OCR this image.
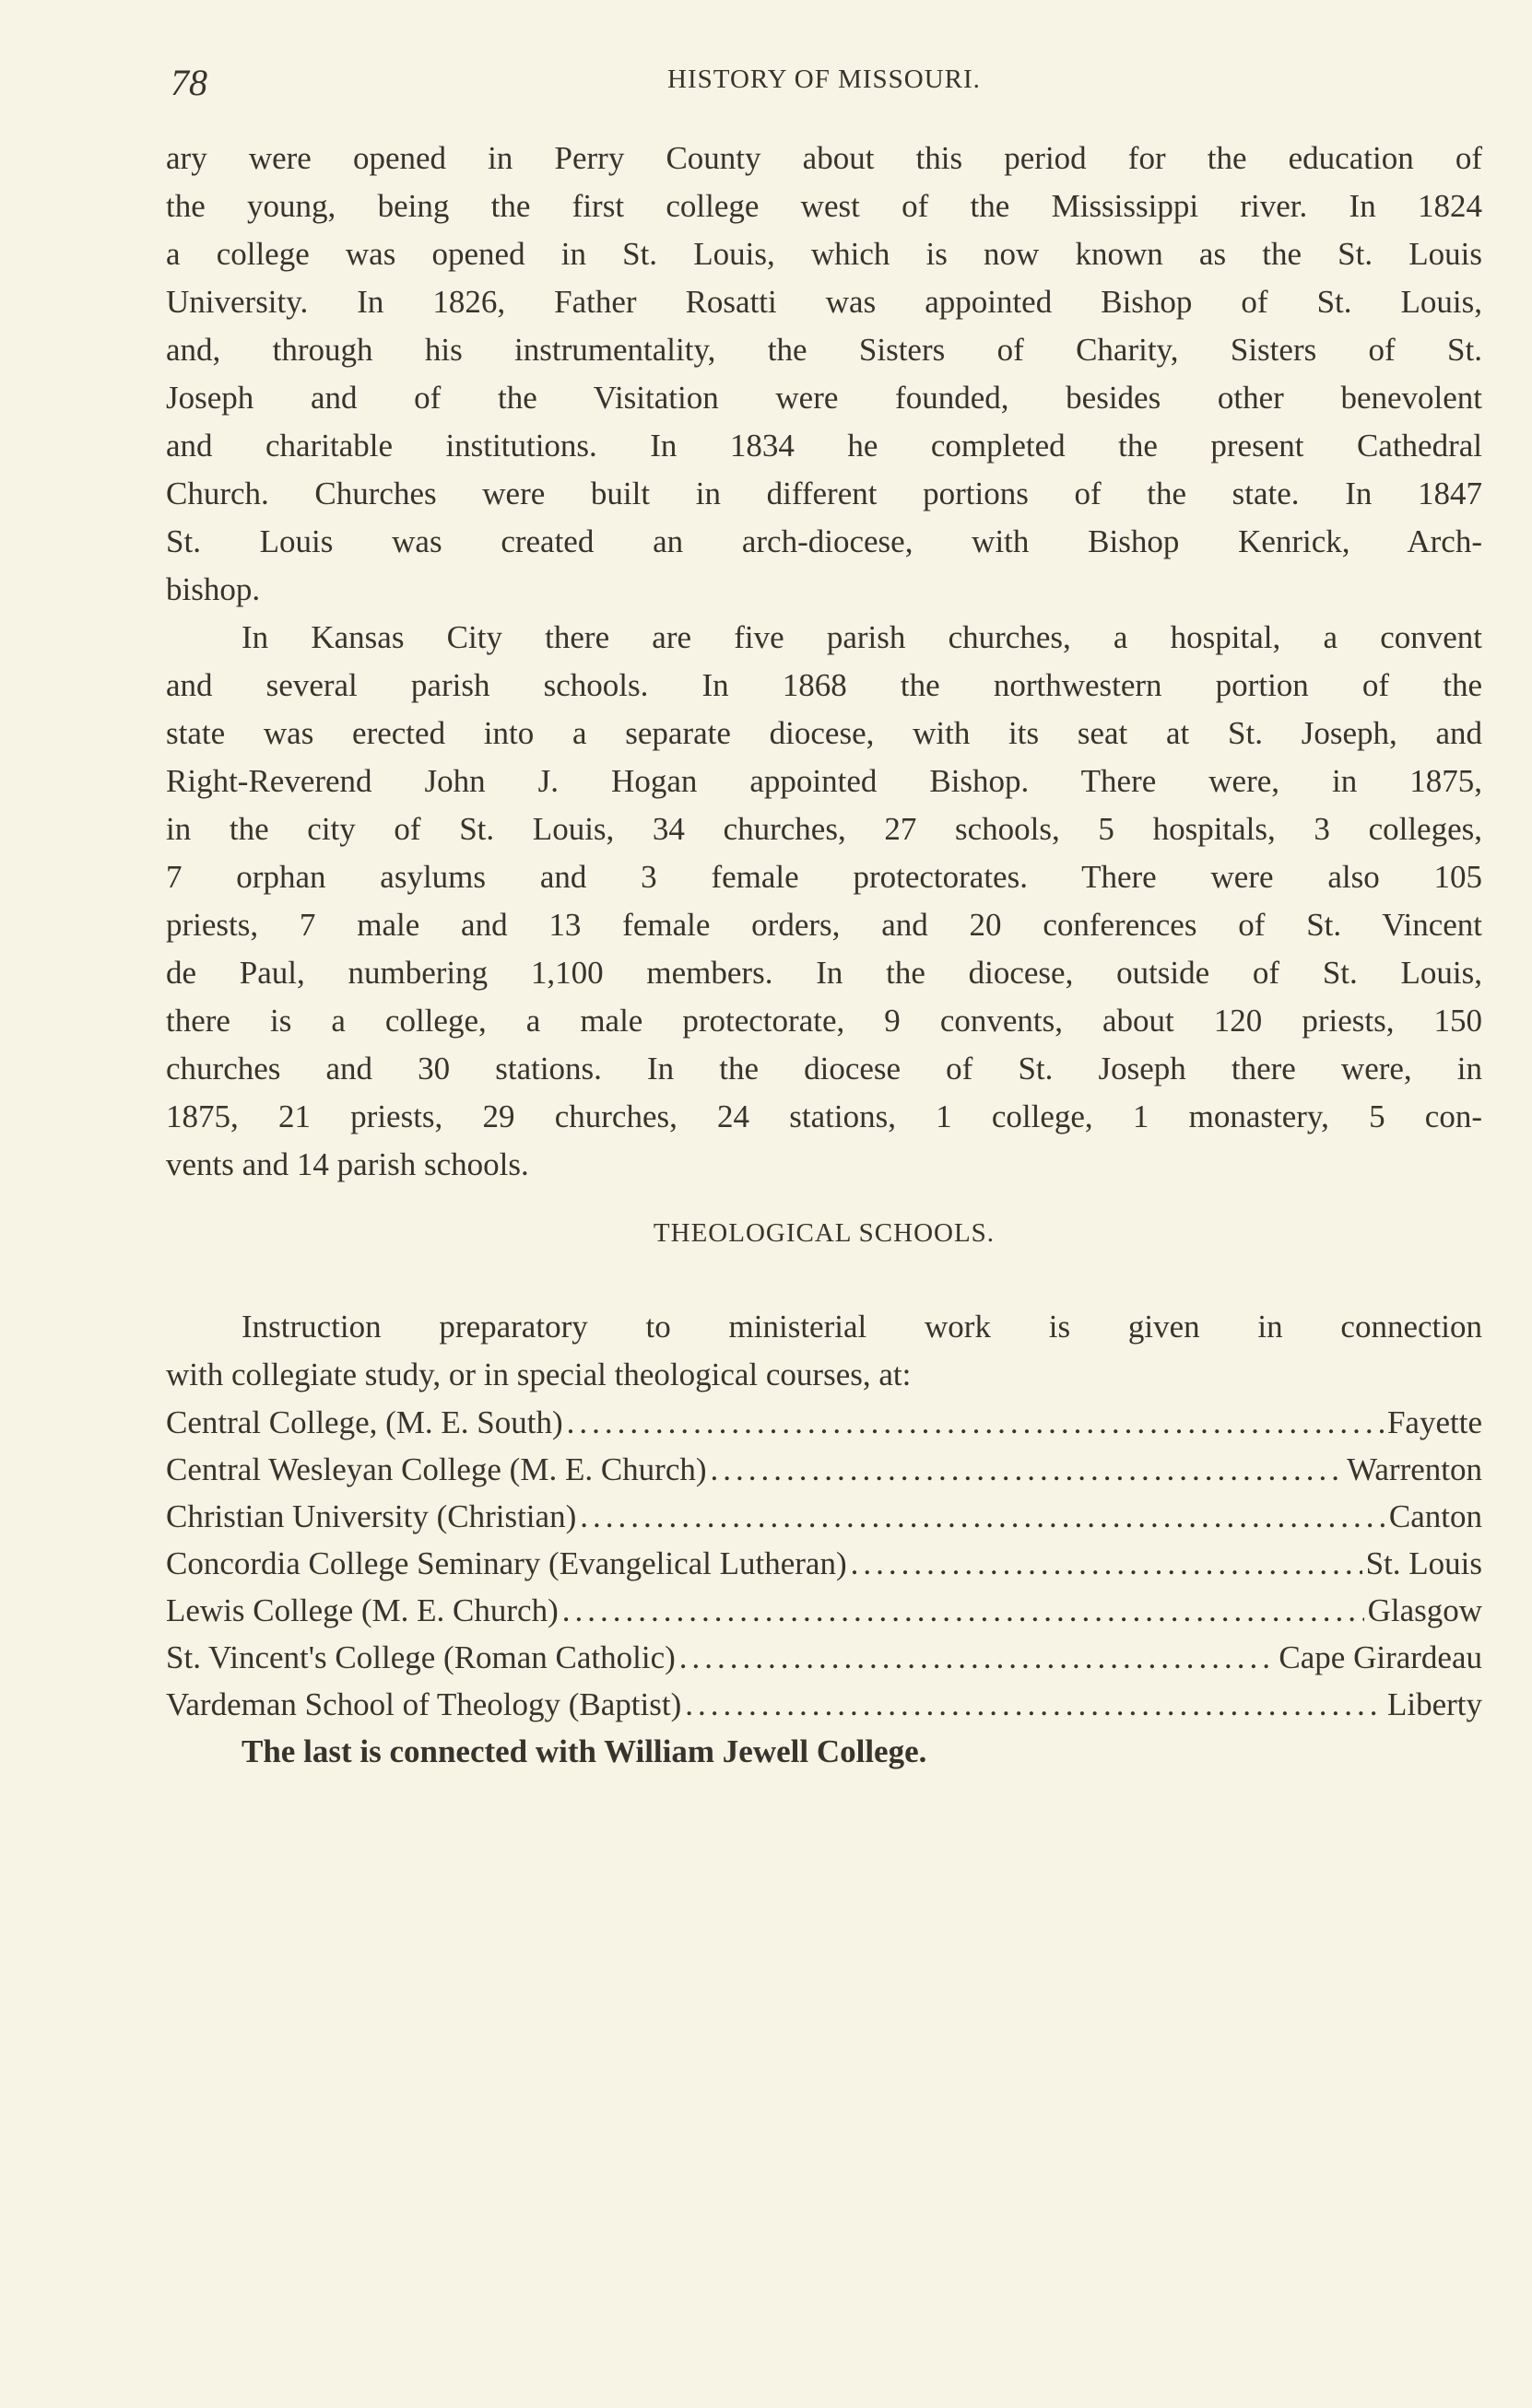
78	HISTORY OF MISSOURI.
ary were opened in Perry County about this period for the education of
the young, being the first college west of the Mississippi river. In 1824
a college was opened in St. Louis, which is now known as the St. Louis
University. In 1826, Father Rosatti was appointed Bishop of St. Louis,
and, through his instrumentality, the Sisters of Charity, Sisters of St.
Joseph and of the Visitation were founded, besides other benevolent
and charitable institutions. In 1834 he completed the present Cathedral
Church. Churches were built in different portions of the state. In 1847
St. Louis was created an arch-diocese, with Bishop Kenrick, Arch-
bishop.
In Kansas City there are five parish churches, a hospital, a convent
and several parish schools. In 1868 the northwestern portion of the
state was erected into a separate diocese, with its seat at St. Joseph, and
Right-Reverend John J. Hogan appointed Bishop. There were, in 1875,
in the city of St. Louis, 34 churches, 27 schools, 5 hospitals, 3 colleges,
7 orphan asylums and 3 female protectorates. There were also 105
priests, 7 male and 13 female orders, and 20 conferences of St. Vincent
de Paul, numbering 1,100 members. In the diocese, outside of St. Louis,
there is a college, a male protectorate, 9 convents, about 120 priests, 150
churches and 30 stations. In the diocese of St. Joseph there were, in
1875, 21 priests, 29 churches, 24 stations, 1 college, 1 monastery, 5 con-
vents and 14 parish schools.
THEOLOGICAL SCHOOLS.
Instruction preparatory to ministerial work is given in connection
with collegiate study, or in special theological courses, at:
Central College, (M. E. South) .....	Fayette
Central Wesleyan College (M. E. Church) .....	Warrenton
Christian University (Christian) .....	Canton
Concordia College Seminary (Evangelical Lutheran) .....	St. Louis
Lewis College (M. E. Church) .....	Glasgow
St. Vincent's College (Roman Catholic) .....	Cape Girardeau
Vardeman School of Theology (Baptist) .....	Liberty
The last is connected with William Jewell College.
